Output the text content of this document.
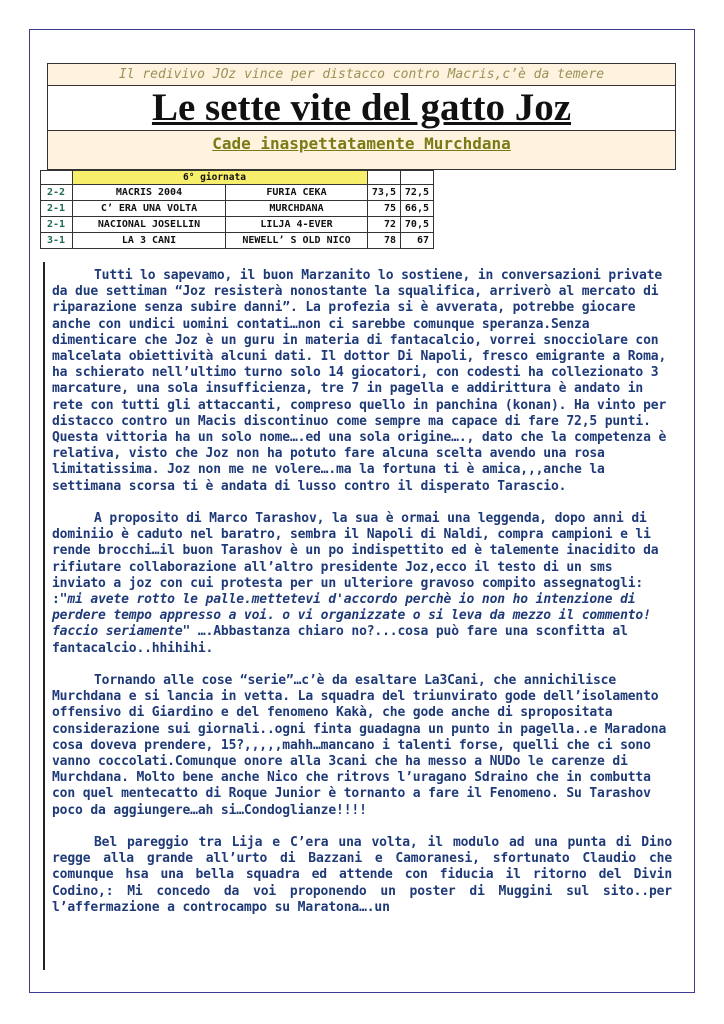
Il redivivo JOz vince per distacco contro Macris,c’è da temere
Le sette vite del gatto Joz
Cade inaspettatamente Murchdana
	6° giornata			
2-2	MACRIS 2004	FURIA CEKA	73,5	72,5
2-1	C’ ERA UNA VOLTA	MURCHDANA	75	66,5
2-1	NACIONAL JOSELLIN	LILJA 4-EVER	72	70,5
3-1	LA 3 CANI	NEWELL’ S OLD NICO	78	67

Tutti lo sapevamo, il buon Marzanito lo sostiene, in conversazioni private da due settiman “Joz resisterà nonostante la squalifica, arriverò al mercato di riparazione senza subire danni”. La profezia si è avverata, potrebbe giocare anche con undici uomini contati…non ci sarebbe comunque speranza.Senza dimenticare che Joz è un guru in materia di fantacalcio, vorrei snocciolare con malcelata obiettività alcuni dati. Il dottor Di Napoli, fresco emigrante a Roma, ha schierato nell’ultimo turno solo 14 giocatori, con codesti ha collezionato 3 marcature, una sola insufficienza, tre 7 in pagella e addirittura è andato in rete con tutti gli attaccanti, compreso quello in panchina (konan). Ha vinto per distacco contro un Macis discontinuo come sempre ma capace di fare 72,5 punti. Questa vittoria ha un solo nome….ed una sola origine…., dato che la competenza è relativa, visto che Joz non ha potuto fare alcuna scelta avendo una rosa limitatissima. Joz non me ne volere….ma la fortuna ti è amica,,,anche la settimana scorsa ti è andata di lusso contro il disperato Tarascio.

A proposito di Marco Tarashov, la sua è ormai una leggenda, dopo anni di dominiio è caduto nel baratro, sembra il Napoli di Naldi, compra campioni e li rende brocchi…il buon Tarashov è un po indispettito ed è talemente inacidito da rifiutare collaborazione all’altro presidente Joz,ecco il testo di un sms inviato a joz con cui protesta per un ulteriore gravoso compito assegnatogli: :"mi avete rotto le palle.mettetevi d'accordo perchè io non ho intenzione di perdere tempo appresso a voi. o vi organizzate o si leva da mezzo il commento! faccio seriamente" ….Abbastanza chiaro no?...cosa può fare una sconfitta al fantacalcio..hhihihi.

Tornando alle cose “serie”…c’è da esaltare La3Cani, che annichilisce Murchdana e si lancia in vetta. La squadra del triunvirato gode dell’isolamento offensivo di Giardino e del fenomeno Kakà, che gode anche di spropositata considerazione sui giornali..ogni finta guadagna un punto in pagella..e Maradona cosa doveva prendere, 15?,,,,,mahh…mancano i talenti forse, quelli che ci sono vanno coccolati.Comunque onore alla 3cani che ha messo a NUDo le carenze di Murchdana. Molto bene anche Nico che ritrovs l’uragano Sdraino che in combutta con quel mentecatto di Roque Junior è tornanto a fare il Fenomeno. Su Tarashov poco da aggiungere…ah si…Condoglianze!!!!

Bel pareggio tra Lija e C’era una volta, il modulo ad una punta di Dino regge alla grande all’urto di Bazzani e Camoranesi, sfortunato Claudio che comunque hsa una bella squadra ed attende con fiducia il ritorno del Divin Codino,: Mi concedo da voi proponendo un poster di Muggini sul sito..per l’affermazione a controcampo su Maratona….un
